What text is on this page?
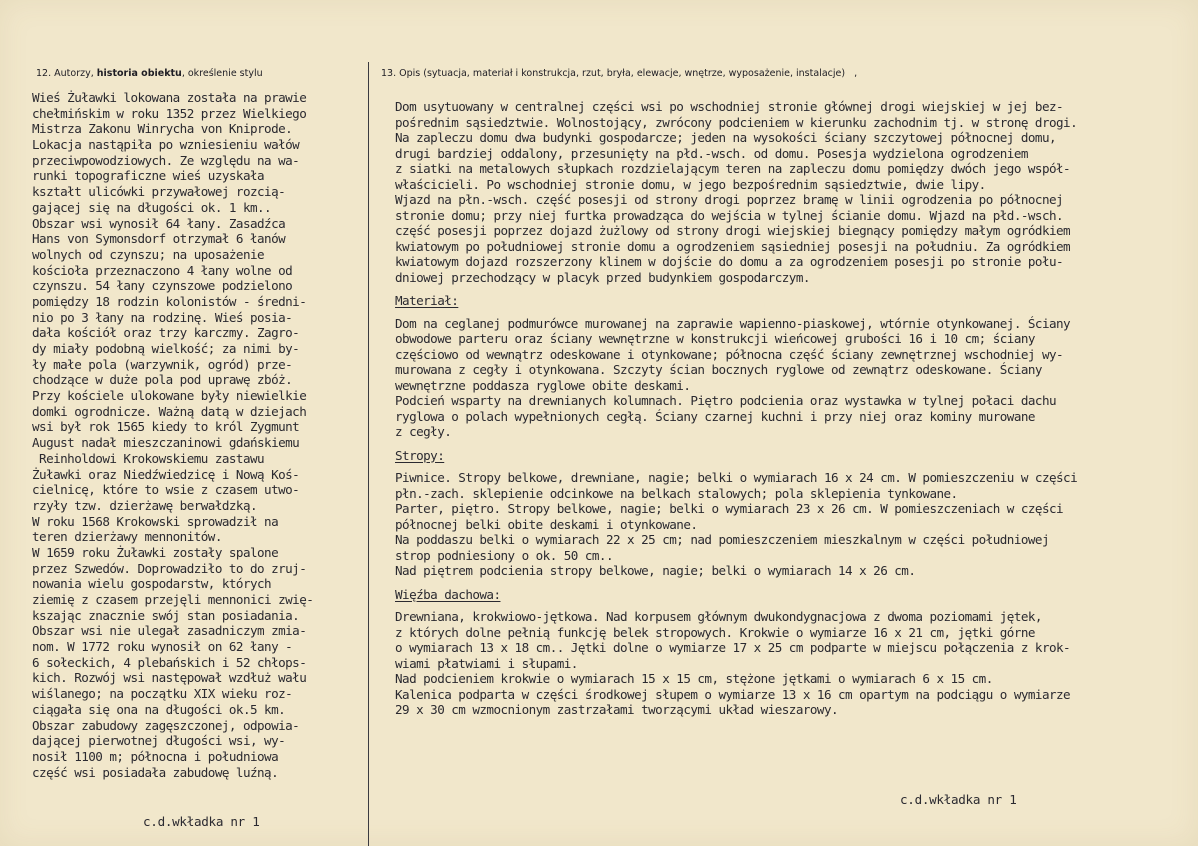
12. Autorzy, historia obiektu, określenie stylu	13. Opis (sytuacja, materiał i konstrukcja, rzut, bryła, elewacje, wnętrze, wyposażenie, instalacje) ,
Wieś Żuławki lokowana została na prawie
chełmińskim w roku 1352 przez Wielkiego
Mistrza Zakonu Winrycha von Kniprode.
Lokacja nastąpiła po wzniesieniu wałów
przeciwpowodziowych. Ze względu na wa-
runki topograficzne wieś uzyskała
kształt ulicówki przywałowej rozcią-
gającej się na długości ok. 1 km..
Obszar wsi wynosił 64 łany. Zasadźca
Hans von Symonsdorf otrzymał 6 łanów
wolnych od czynszu; na uposażenie
kościoła przeznaczono 4 łany wolne od
czynszu. 54 łany czynszowe podzielono
pomiędzy 18 rodzin kolonistów - średni-
nio po 3 łany na rodzinę. Wieś posia-
dała kościół oraz trzy karczmy. Zagro-
dy miały podobną wielkość; za nimi by-
ły małe pola (warzywnik, ogród) prze-
chodzące w duże pola pod uprawę zbóż.
Przy kościele ulokowane były niewielkie
domki ogrodnicze. Ważną datą w dziejach
wsi był rok 1565 kiedy to król Zygmunt
August nadał mieszczaninowi gdańskiemu
Reinholdowi Krokowskiemu zastawu
Żuławki oraz Niedźwiedzicę i Nową Koś-
cielnicę, które to wsie z czasem utwo-
rzyły tzw. dzierżawę berwałdzką.
W roku 1568 Krokowski sprowadził na
teren dzierżawy mennonitów.
W 1659 roku Żuławki zostały spalone
przez Szwedów. Doprowadziło to do zruj-
nowania wielu gospodarstw, których
ziemię z czasem przejęli mennonici zwię-
kszając znacznie swój stan posiadania.
Obszar wsi nie ulegał zasadniczym zmia-
nom. W 1772 roku wynosił on 62 łany -
6 sołeckich, 4 plebańskich i 52 chłops-
kich. Rozwój wsi następował wzdłuż wału
wiślanego; na początku XIX wieku roz-
ciągała się ona na długości ok.5 km.
Obszar zabudowy zagęszczonej, odpowia-
dającej pierwotnej długości wsi, wy-
nosił 1100 m; północna i południowa
część wsi posiadała zabudowę luźną.
c.d.wkładka nr 1
Dom usytuowany w centralnej części wsi po wschodniej stronie głównej drogi wiejskiej w jej bez-
pośrednim sąsiedztwie. Wolnostojący, zwrócony podcieniem w kierunku zachodnim tj. w stronę drogi.
Na zapleczu domu dwa budynki gospodarcze; jeden na wysokości ściany szczytowej północnej domu,
drugi bardziej oddalony, przesunięty na płd.-wsch. od domu. Posesja wydzielona ogrodzeniem
z siatki na metalowych słupkach rozdzielającym teren na zapleczu domu pomiędzy dwóch jego współ-
właścicieli. Po wschodniej stronie domu, w jego bezpośrednim sąsiedztwie, dwie lipy.
Wjazd na płn.-wsch. część posesji od strony drogi poprzez bramę w linii ogrodzenia po północnej
stronie domu; przy niej furtka prowadząca do wejścia w tylnej ścianie domu. Wjazd na płd.-wsch.
część posesji poprzez dojazd żużlowy od strony drogi wiejskiej biegnący pomiędzy małym ogródkiem
kwiatowym po południowej stronie domu a ogrodzeniem sąsiedniej posesji na południu. Za ogródkiem
kwiatowym dojazd rozszerzony klinem w dojście do domu a za ogrodzeniem posesji po stronie połu-
dniowej przechodzący w placyk przed budynkiem gospodarczym.
Materiał:
Dom na ceglanej podmurówce murowanej na zaprawie wapienno-piaskowej, wtórnie otynkowanej. Ściany
obwodowe parteru oraz ściany wewnętrzne w konstrukcji wieńcowej grubości 16 i 10 cm; ściany
częściowo od wewnątrz odeskowane i otynkowane; północna część ściany zewnętrznej wschodniej wy-
murowana z cegły i otynkowana. Szczyty ścian bocznych ryglowe od zewnątrz odeskowane. Ściany
wewnętrzne poddasza ryglowe obite deskami.
Podcień wsparty na drewnianych kolumnach. Piętro podcienia oraz wystawka w tylnej połaci dachu
ryglowa o polach wypełnionych cegłą. Ściany czarnej kuchni i przy niej oraz kominy murowane
z cegły.
Stropy:
Piwnice. Stropy belkowe, drewniane, nagie; belki o wymiarach 16 x 24 cm. W pomieszczeniu w części
płn.-zach. sklepienie odcinkowe na belkach stalowych; pola sklepienia tynkowane.
Parter, piętro. Stropy belkowe, nagie; belki o wymiarach 23 x 26 cm. W pomieszczeniach w części
północnej belki obite deskami i otynkowane.
Na poddaszu belki o wymiarach 22 x 25 cm; nad pomieszczeniem mieszkalnym w części południowej
strop podniesiony o ok. 50 cm..
Nad piętrem podcienia stropy belkowe, nagie; belki o wymiarach 14 x 26 cm.
Więźba dachowa:
Drewniana, krokwiowo-jętkowa. Nad korpusem głównym dwukondygnacjowa z dwoma poziomami jętek,
z których dolne pełnią funkcję belek stropowych. Krokwie o wymiarze 16 x 21 cm, jętki górne
o wymiarach 13 x 18 cm.. Jętki dolne o wymiarze 17 x 25 cm podparte w miejscu połączenia z krok-
wiami płatwiami i słupami.
Nad podcieniem krokwie o wymiarach 15 x 15 cm, stężone jętkami o wymiarach 6 x 15 cm.
Kalenica podparta w części środkowej słupem o wymiarze 13 x 16 cm opartym na podciągu o wymiarze
29 x 30 cm wzmocnionym zastrzałami tworzącymi układ wieszarowy.
c.d.wkładka nr 1
